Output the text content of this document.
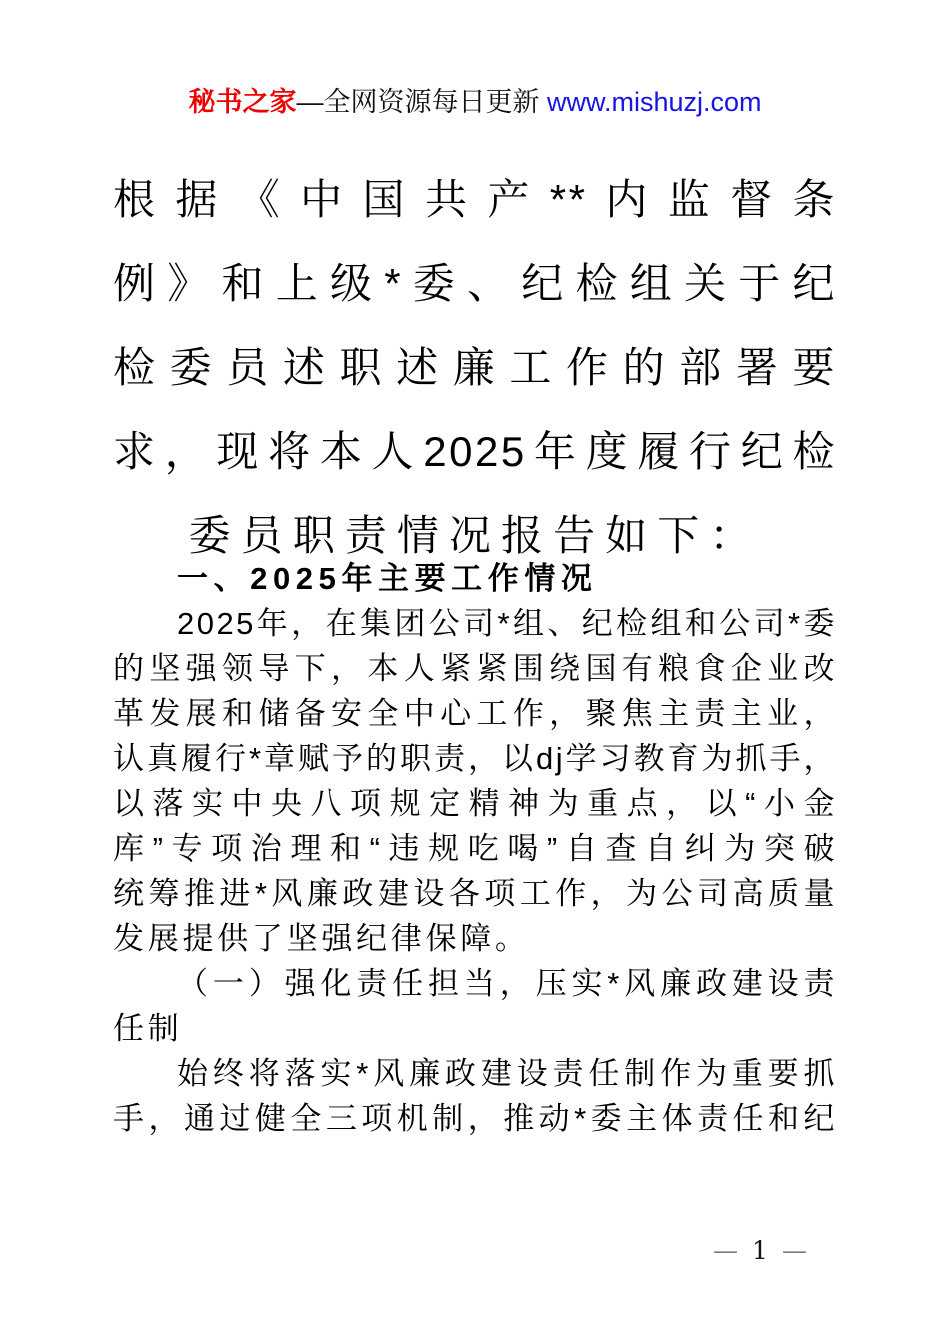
秘书之家—全网资源每日更新 www.mishuzj.com
根据《中国共产**内监督条
例》和上级*委、纪检组关于纪
检委员述职述廉工作的部署要
求，现将本人2025年度履行纪检
委员职责情况报告如下：
一、2025年主要工作情况
2025年，在集团公司*组、纪检组和公司*委
的坚强领导下，本人紧紧围绕国有粮食企业改
革发展和储备安全中心工作，聚焦主责主业，
认真履行*章赋予的职责，以dj学习教育为抓手，
以落实中央八项规定精神为重点，以“小金
库”专项治理和“违规吃喝”自查自纠为突破
统筹推进*风廉政建设各项工作，为公司高质量
发展提供了坚强纪律保障。
（一）强化责任担当，压实*风廉政建设责
任制
始终将落实*风廉政建设责任制作为重要抓
手，通过健全三项机制，推动*委主体责任和纪
— 1 —
